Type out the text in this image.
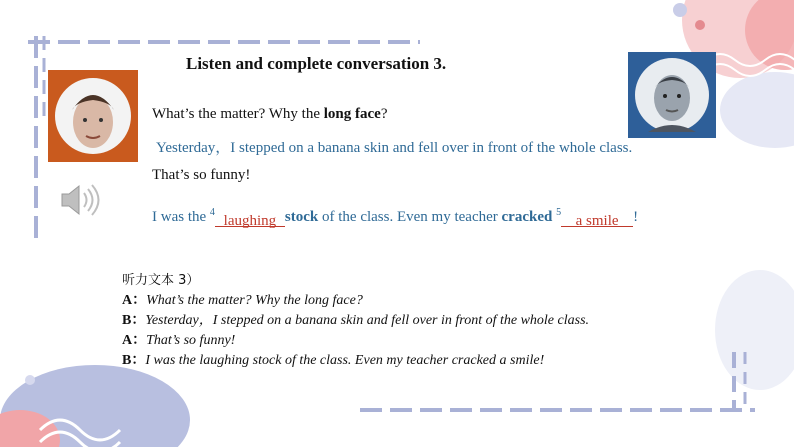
Listen and complete conversation 3.
What’s the matter? Why the long face?
Yesterday，I stepped on a banana skin and fell over in front of the whole class.
That’s so funny!
I was the $^4$laughing stock of the class. Even my teacher cracked $^5$a smile !
听力文本 3）
A：What’s the matter? Why the long face?
B：Yesterday，I stepped on a banana skin and fell over in front of the whole class.
A：That’s so funny!
B：I was the laughing stock of the class. Even my teacher cracked a smile!
